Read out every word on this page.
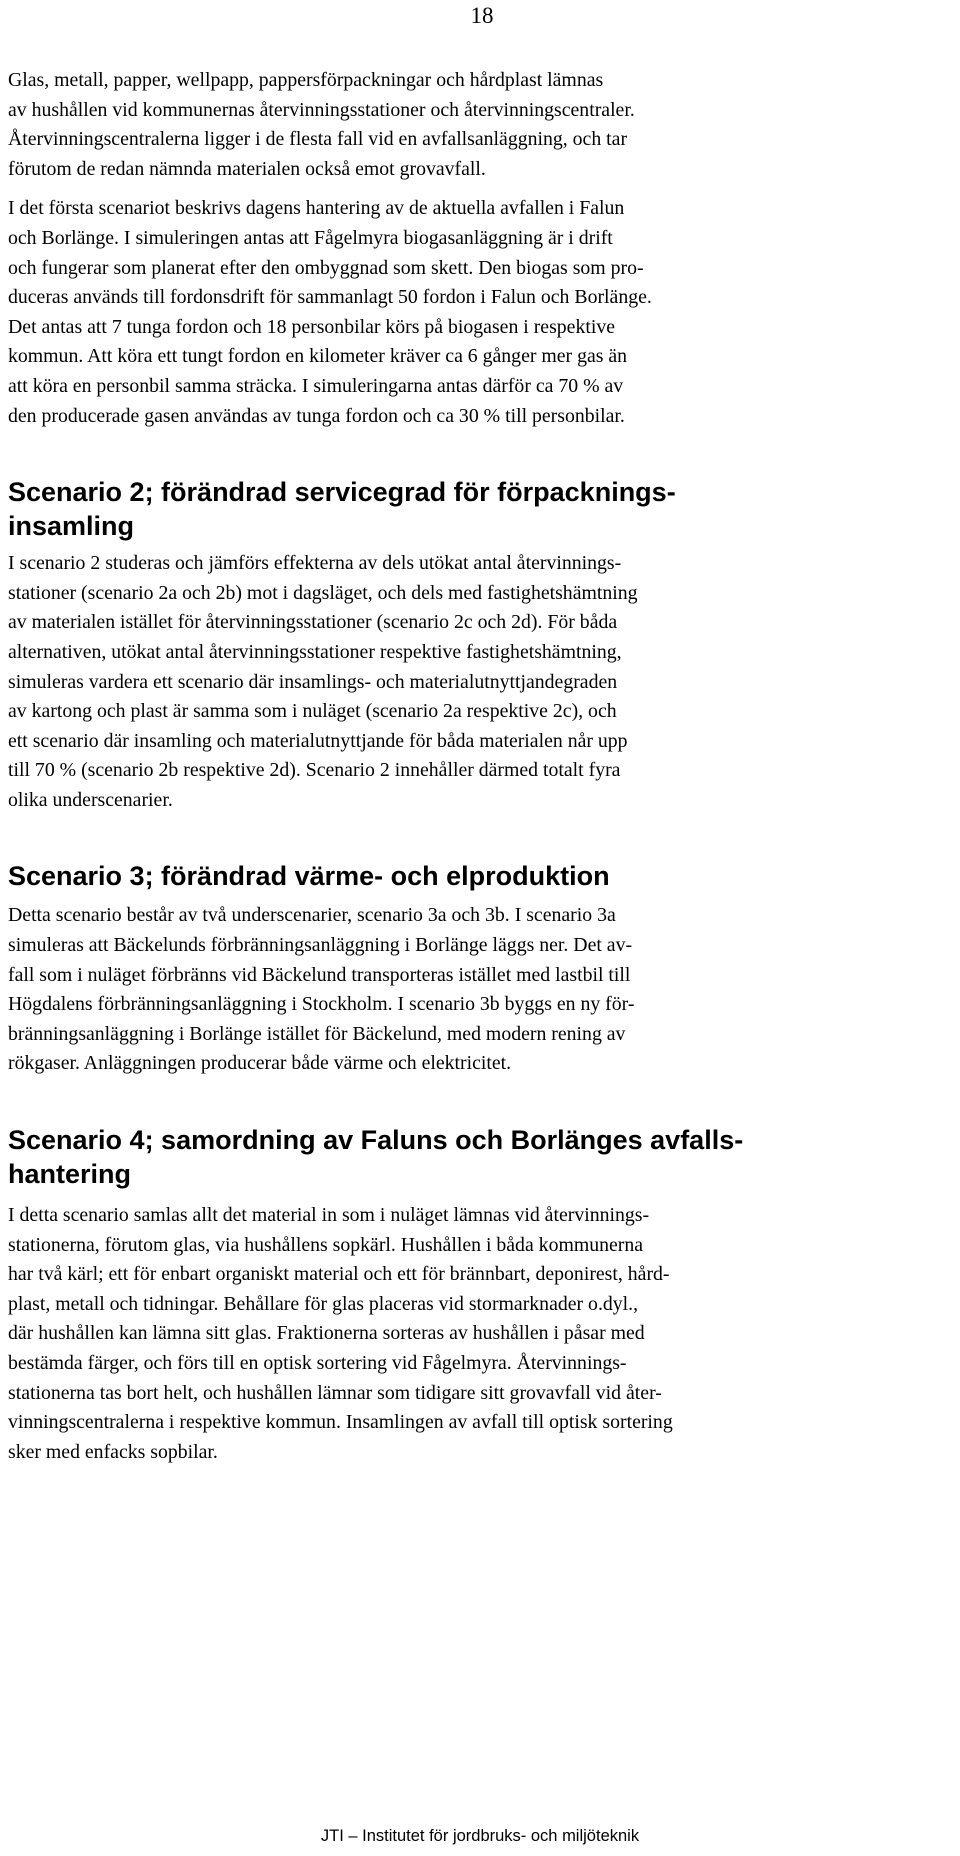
18
Glas, metall, papper, wellpapp, pappersförpackningar och hårdplast lämnas
av hushållen vid kommunernas återvinningsstationer och återvinningscentraler.
Återvinningscentralerna ligger i de flesta fall vid en avfallsanläggning, och tar
förutom de redan nämnda materialen också emot grovavfall.
I det första scenariot beskrivs dagens hantering av de aktuella avfallen i Falun
och Borlänge. I simuleringen antas att Fågelmyra biogasanläggning är i drift
och fungerar som planerat efter den ombyggnad som skett. Den biogas som pro-
duceras används till fordonsdrift för sammanlagt 50 fordon i Falun och Borlänge.
Det antas att 7 tunga fordon och 18 personbilar körs på biogasen i respektive
kommun. Att köra ett tungt fordon en kilometer kräver ca 6 gånger mer gas än
att köra en personbil samma sträcka. I simuleringarna antas därför ca 70 % av
den producerade gasen användas av tunga fordon och ca 30 % till personbilar.
Scenario 2; förändrad servicegrad för förpacknings-
insamling
I scenario 2 studeras och jämförs effekterna av dels utökat antal återvinnings-
stationer (scenario 2a och 2b) mot i dagsläget, och dels med fastighetshämtning
av materialen istället för återvinningsstationer (scenario 2c och 2d). För båda
alternativen, utökat antal återvinningsstationer respektive fastighetshämtning,
simuleras vardera ett scenario där insamlings- och materialutnyttjandegraden
av kartong och plast är samma som i nuläget (scenario 2a respektive 2c), och
ett scenario där insamling och materialutnyttjande för båda materialen når upp
till 70 % (scenario 2b respektive 2d). Scenario 2 innehåller därmed totalt fyra
olika underscenarier.
Scenario 3; förändrad värme- och elproduktion
Detta scenario består av två underscenarier, scenario 3a och 3b. I scenario 3a
simuleras att Bäckelunds förbränningsanläggning i Borlänge läggs ner. Det av-
fall som i nuläget förbränns vid Bäckelund transporteras istället med lastbil till
Högdalens förbränningsanläggning i Stockholm. I scenario 3b byggs en ny för-
bränningsanläggning i Borlänge istället för Bäckelund, med modern rening av
rökgaser. Anläggningen producerar både värme och elektricitet.
Scenario 4; samordning av Faluns och Borlänges avfalls-
hantering
I detta scenario samlas allt det material in som i nuläget lämnas vid återvinnings-
stationerna, förutom glas, via hushållens sopkärl. Hushållen i båda kommunerna
har två kärl; ett för enbart organiskt material och ett för brännbart, deponirest, hård-
plast, metall och tidningar. Behållare för glas placeras vid stormarknader o.dyl.,
där hushållen kan lämna sitt glas. Fraktionerna sorteras av hushållen i påsar med
bestämda färger, och förs till en optisk sortering vid Fågelmyra. Återvinnings-
stationerna tas bort helt, och hushållen lämnar som tidigare sitt grovavfall vid åter-
vinningscentralerna i respektive kommun. Insamlingen av avfall till optisk sortering
sker med enfacks sopbilar.
JTI – Institutet för jordbruks- och miljöteknik
